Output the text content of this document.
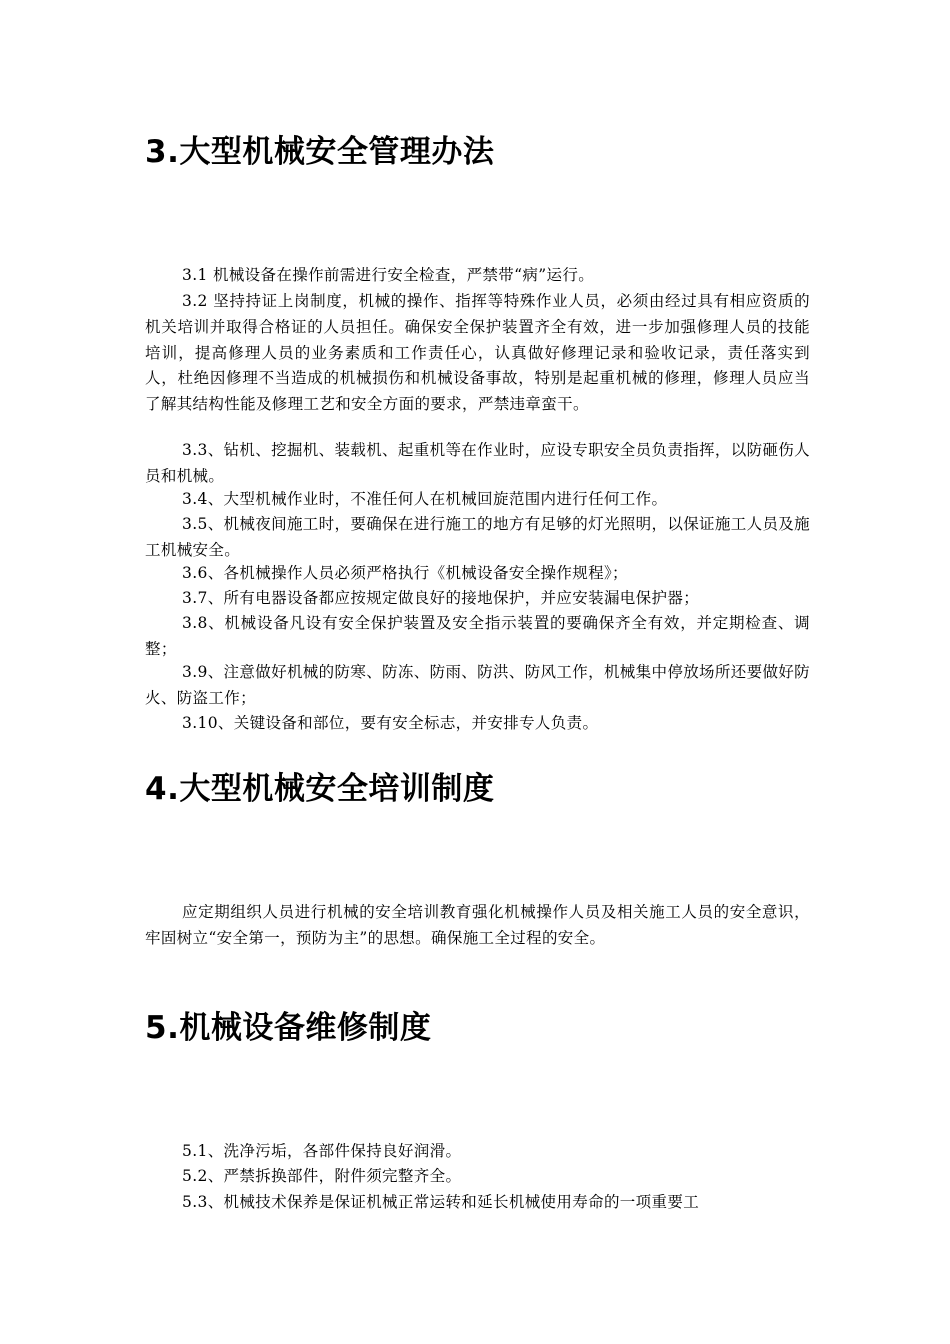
3.大型机械安全管理办法

3.1 机械设备在操作前需进行安全检查，严禁带“病”运行。

3.2 坚持持证上岗制度，机械的操作、指挥等特殊作业人员，必须由经过具有相应资质的机关培训并取得合格证的人员担任。确保安全保护装置齐全有效，进一步加强修理人员的技能培训，提高修理人员的业务素质和工作责任心，认真做好修理记录和验收记录，责任落实到人，杜绝因修理不当造成的机械损伤和机械设备事故，特别是起重机械的修理，修理人员应当了解其结构性能及修理工艺和安全方面的要求，严禁违章蛮干。

3.3、钻机、挖掘机、装载机、起重机等在作业时，应设专职安全员负责指挥，以防砸伤人员和机械。

3.4、大型机械作业时，不准任何人在机械回旋范围内进行任何工作。

3.5、机械夜间施工时，要确保在进行施工的地方有足够的灯光照明，以保证施工人员及施工机械安全。

3.6、各机械操作人员必须严格执行《机械设备安全操作规程》；

3.7、所有电器设备都应按规定做良好的接地保护，并应安装漏电保护器；

3.8、机械设备凡设有安全保护装置及安全指示装置的要确保齐全有效，并定期检查、调整；

3.9、注意做好机械的防寒、防冻、防雨、防洪、防风工作，机械集中停放场所还要做好防火、防盗工作；

3.10、关键设备和部位，要有安全标志，并安排专人负责。

4.大型机械安全培训制度

应定期组织人员进行机械的安全培训教育强化机械操作人员及相关施工人员的安全意识，牢固树立“安全第一，预防为主”的思想。确保施工全过程的安全。

5.机械设备维修制度

5.1、洗净污垢，各部件保持良好润滑。

5.2、严禁拆换部件，附件须完整齐全。

5.3、机械技术保养是保证机械正常运转和延长机械使用寿命的一项重要工
